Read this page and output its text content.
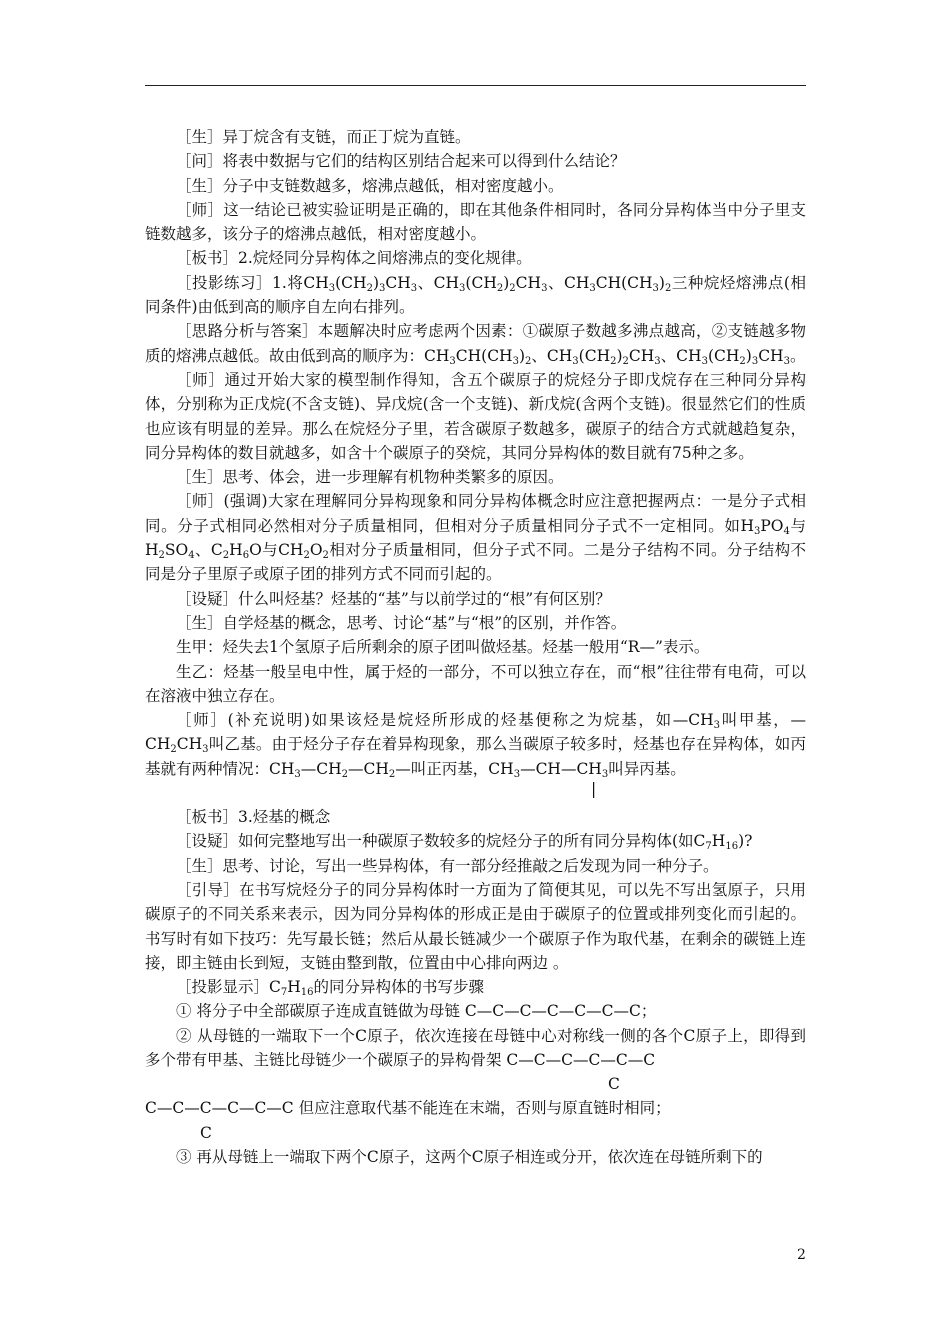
［生］异丁烷含有支链，而正丁烷为直链。

［问］将表中数据与它们的结构区别结合起来可以得到什么结论？

［生］分子中支链数越多，熔沸点越低，相对密度越小。

［师］这一结论已被实验证明是正确的，即在其他条件相同时，各同分异构体当中分子里支链数越多，该分子的熔沸点越低，相对密度越小。

［板书］2.烷烃同分异构体之间熔沸点的变化规律。

［投影练习］1.将$CH_3(CH_2)_3CH_3$、$CH_3(CH_2)_2CH_3$、$CH_3CH(CH_3)_2$三种烷烃熔沸点(相同条件)由低到高的顺序自左向右排列。

［思路分析与答案］本题解决时应考虑两个因素：①碳原子数越多沸点越高，②支链越多物质的熔沸点越低。故由低到高的顺序为：$CH_3CH(CH_3)_2$、$CH_3(CH_2)_2CH_3$、$CH_3(CH_2)_3CH_3$。

［师］通过开始大家的模型制作得知，含五个碳原子的烷烃分子即戊烷存在三种同分异构体，分别称为正戊烷(不含支链)、异戊烷(含一个支链)、新戊烷(含两个支链)。很显然它们的性质也应该有明显的差异。那么在烷烃分子里，若含碳原子数越多，碳原子的结合方式就越趋复杂，同分异构体的数目就越多，如含十个碳原子的癸烷，其同分异构体的数目就有75种之多。

［生］思考、体会，进一步理解有机物种类繁多的原因。

［师］(强调)大家在理解同分异构现象和同分异构体概念时应注意把握两点：一是分子式相同。分子式相同必然相对分子质量相同，但相对分子质量相同分子式不一定相同。如$H_3PO_4$与$H_2SO_4$、$C_2H_6O$与$CH_2O_2$相对分子质量相同，但分子式不同。二是分子结构不同。分子结构不同是分子里原子或原子团的排列方式不同而引起的。

［设疑］什么叫烃基？烃基的“基”与以前学过的“根”有何区别？

［生］自学烃基的概念，思考、讨论“基”与“根”的区别，并作答。

生甲：烃失去1个氢原子后所剩余的原子团叫做烃基。烃基一般用“R—”表示。

生乙：烃基一般呈电中性，属于烃的一部分，不可以独立存在，而“根”往往带有电荷，可以在溶液中独立存在。

［师］(补充说明)如果该烃是烷烃所形成的烃基便称之为烷基，如$—CH_3$叫甲基，$—CH_2CH_3$叫乙基。由于烃分子存在着异构现象，那么当碳原子较多时，烃基也存在异构体，如丙基就有两种情况：$CH_3—CH_2—CH_2—$叫正丙基，$CH_3—CH—CH_3$叫异丙基。

|

［板书］3.烃基的概念

［设疑］如何完整地写出一种碳原子数较多的烷烃分子的所有同分异构体(如$C_7H_{16}$)?

［生］思考、讨论，写出一些异构体，有一部分经推敲之后发现为同一种分子。

［引导］在书写烷烃分子的同分异构体时一方面为了简便其见，可以先不写出氢原子，只用碳原子的不同关系来表示，因为同分异构体的形成正是由于碳原子的位置或排列变化而引起的。书写时有如下技巧：先写最长链；然后从最长链减少一个碳原子作为取代基，在剩余的碳链上连接，即主链由长到短，支链由整到散，位置由中心排向两边 。

［投影显示$]C_7H_{16}$的同分异构体的书写步骤

① 将分子中全部碳原子连成直链做为母链 C—C—C—C—C—C—C；

② 从母链的一端取下一个C原子，依次连接在母链中心对称线一侧的各个C原子上，即得到多个带有甲基、主链比母链少一个碳原子的异构骨架 C—C—C—C—C—C

C

C—C—C—C—C—C 但应注意取代基不能连在末端，否则与原直链时相同；

C

③ 再从母链上一端取下两个C原子，这两个C原子相连或分开，依次连在母链所剩下的

2
